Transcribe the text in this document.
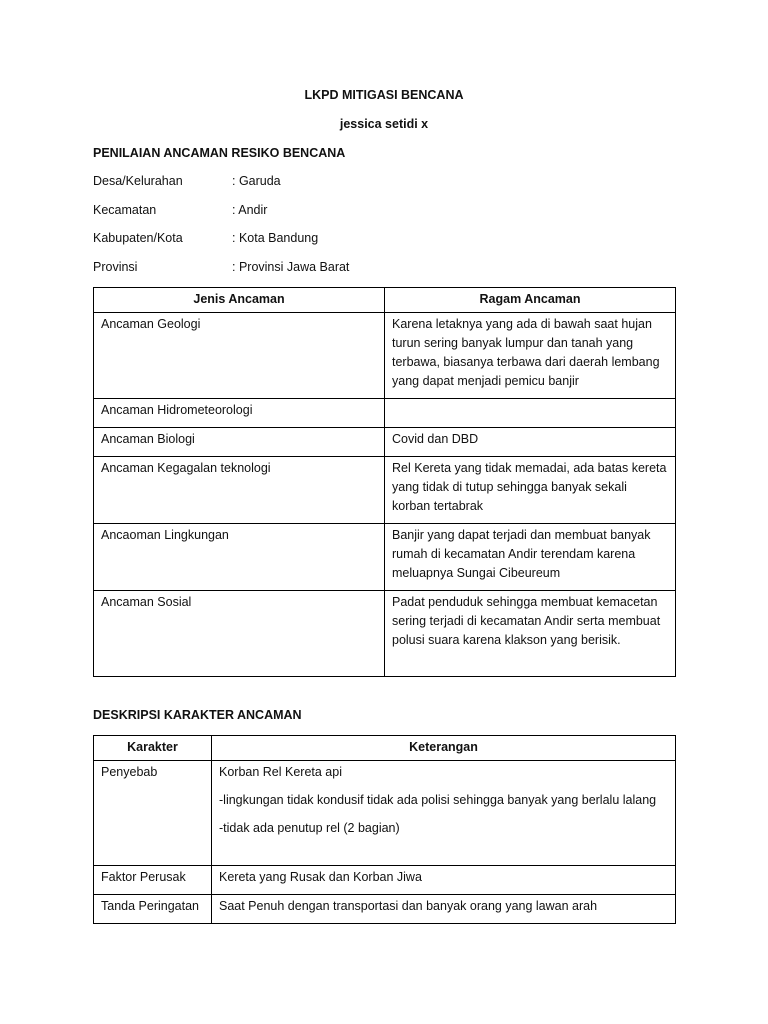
LKPD MITIGASI BENCANA
jessica setidi x
PENILAIAN ANCAMAN RESIKO BENCANA
Desa/Kelurahan	: Garuda
Kecamatan	: Andir
Kabupaten/Kota	: Kota Bandung
Provinsi	: Provinsi Jawa Barat
Jenis Ancaman	Ragam Ancaman
Ancaman Geologi	Karena letaknya yang ada di bawah saat hujan turun sering banyak lumpur dan tanah yang terbawa, biasanya terbawa dari daerah lembang yang dapat menjadi pemicu banjir
Ancaman Hidrometeorologi	
Ancaman Biologi	Covid dan DBD
Ancaman Kegagalan teknologi	Rel Kereta yang tidak memadai, ada batas kereta yang tidak di tutup sehingga banyak sekali korban tertabrak
Ancaoman Lingkungan	Banjir yang dapat terjadi dan membuat banyak rumah di kecamatan Andir terendam karena meluapnya Sungai Cibeureum
Ancaman Sosial	Padat penduduk sehingga membuat kemacetan sering terjadi di kecamatan Andir serta membuat polusi suara karena klakson yang berisik.
DESKRIPSI KARAKTER ANCAMAN
Karakter	Keterangan
Penyebab	Korban Rel Kereta api
-lingkungan tidak kondusif tidak ada polisi sehingga banyak yang berlalu lalang
-tidak ada penutup rel (2 bagian)

Faktor Perusak	Kereta yang Rusak dan Korban Jiwa
Tanda Peringatan	Saat Penuh dengan transportasi dan banyak orang yang lawan arah
